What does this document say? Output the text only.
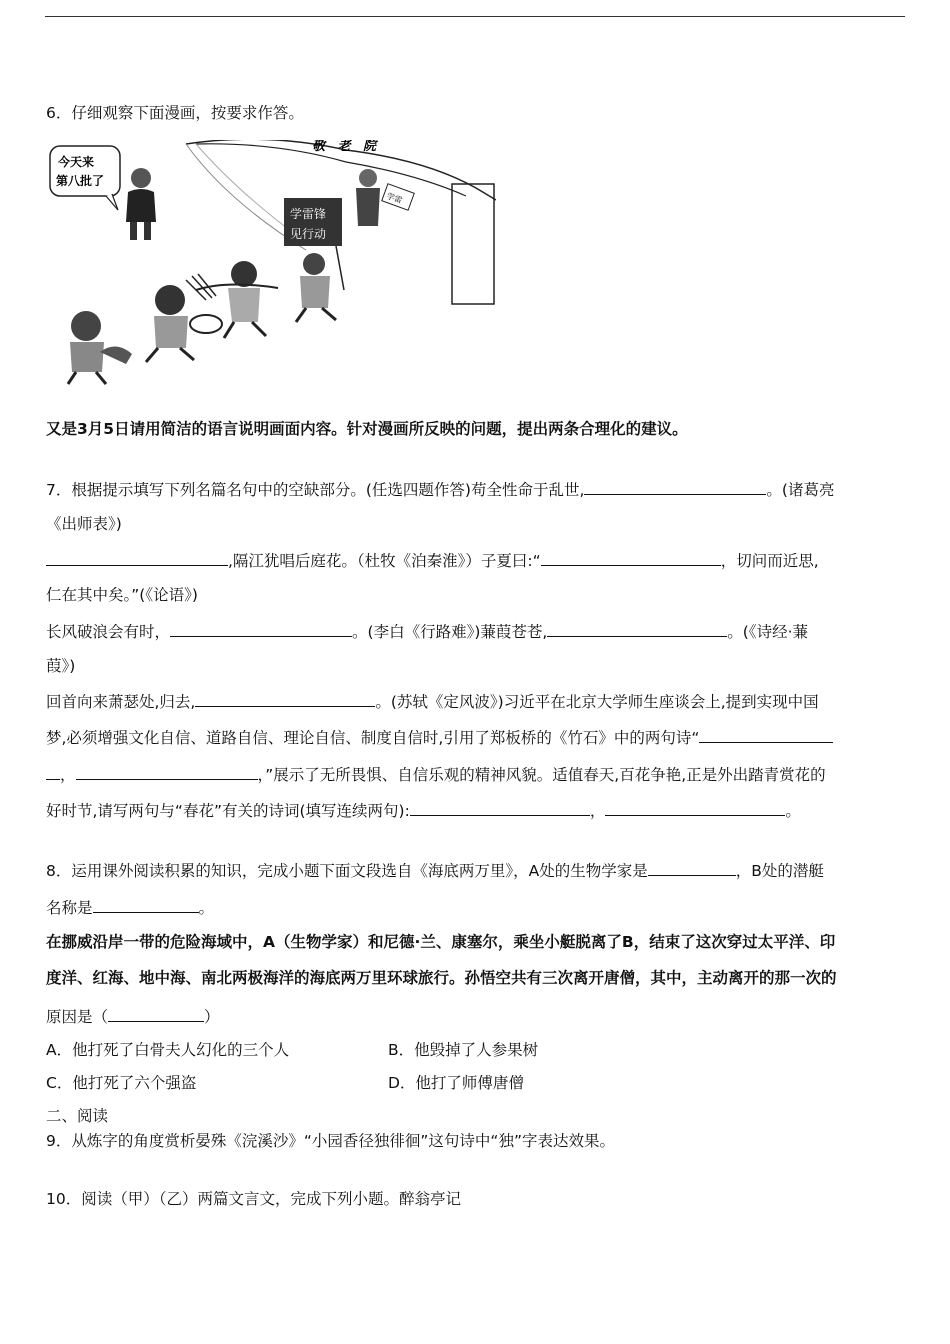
6．仔细观察下面漫画，按要求作答。
今天来
第八批了
敬 老 院
学雷
学雷锋
见行动
又是3月5日请用简洁的语言说明画面内容。针对漫画所反映的问题，提出两条合理化的建议。
7．根据提示填写下列名篇名句中的空缺部分。(任选四题作答)苟全性命于乱世,	。(诸葛亮
《出师表》)
,隔江犹唱后庭花。（杜牧《泊秦淮》）子夏曰:“	，切问而近思,
仁在其中矣。”(《论语》)
长风破浪会有时，	。(李白《行路难》)蒹葭苍苍,	。(《诗经·蒹
葭》)
回首向来萧瑟处,归去,	。(苏轼《定风波》)习近平在北京大学师生座谈会上,提到实现中国
梦,必须增强文化自信、道路自信、理论自信、制度自信时,引用了郑板桥的《竹石》中的两句诗“
，	，”展示了无所畏惧、自信乐观的精神风貌。适值春天,百花争艳,正是外出踏青赏花的
好时节,请写两句与“春花”有关的诗词(填写连续两句):	，	。
8．运用课外阅读积累的知识，完成小题下面文段选自《海底两万里》，A处的生物学家是	，B处的潜艇
名称是	。
在挪威沿岸一带的危险海域中，A（生物学家）和尼德·兰、康塞尔，乘坐小艇脱离了B，结束了这次穿过太平洋、印
度洋、红海、地中海、南北两极海洋的海底两万里环球旅行。孙悟空共有三次离开唐僧，其中，主动离开的那一次的
原因是（	）
A．他打死了白骨夫人幻化的三个人	B．他毁掉了人参果树
C．他打死了六个强盗	D．他打了师傅唐僧
二、阅读
9．从炼字的角度赏析晏殊《浣溪沙》“小园香径独徘徊”这句诗中“独”字表达效果。
10．阅读（甲）（乙）两篇文言文，完成下列小题。醉翁亭记
